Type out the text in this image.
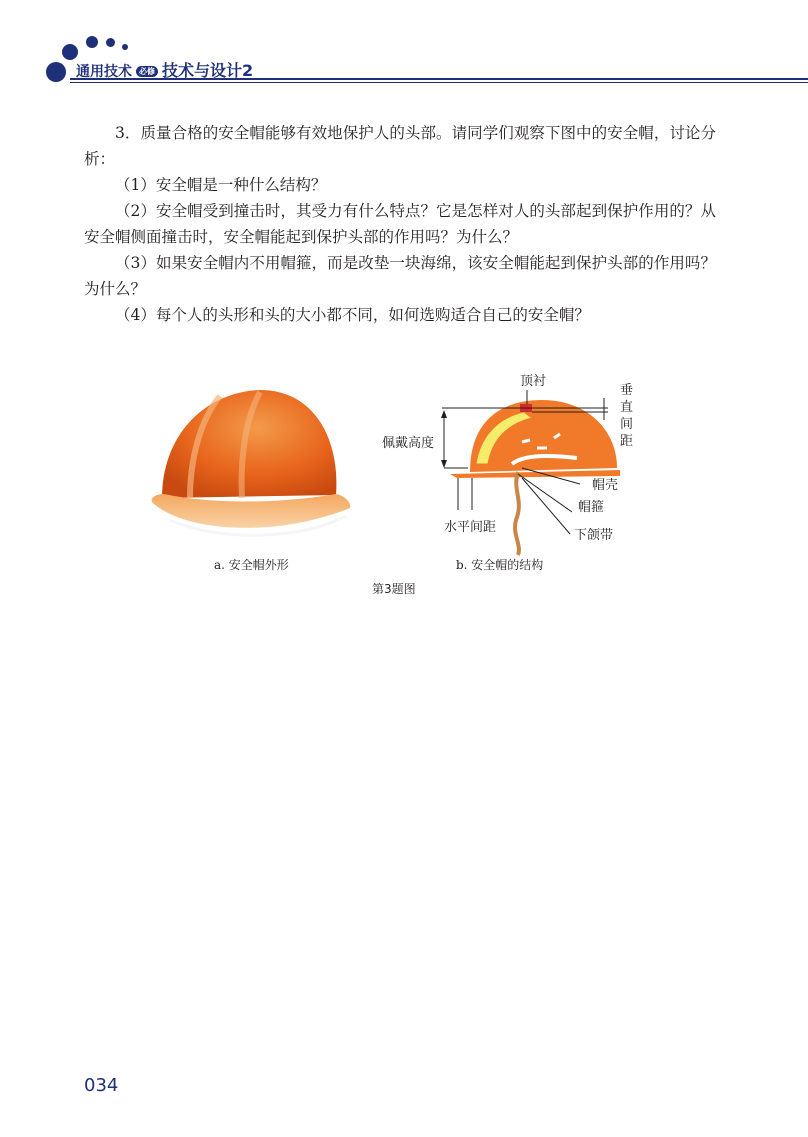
通用技术 必修 技术与设计2

3．质量合格的安全帽能够有效地保护人的头部。请同学们观察下图中的安全帽，讨论分析：

（1）安全帽是一种什么结构？

（2）安全帽受到撞击时，其受力有什么特点？它是怎样对人的头部起到保护作用的？从安全帽侧面撞击时，安全帽能起到保护头部的作用吗？为什么？

（3）如果安全帽内不用帽箍，而是改垫一块海绵，该安全帽能起到保护头部的作用吗？为什么？

（4）每个人的头形和头的大小都不同，如何选购适合自己的安全帽？

a. 安全帽外形
顶衬
垂直间距
佩戴高度
帽壳
帽箍
下颌带
水平间距
b. 安全帽的结构
第3题图
034
